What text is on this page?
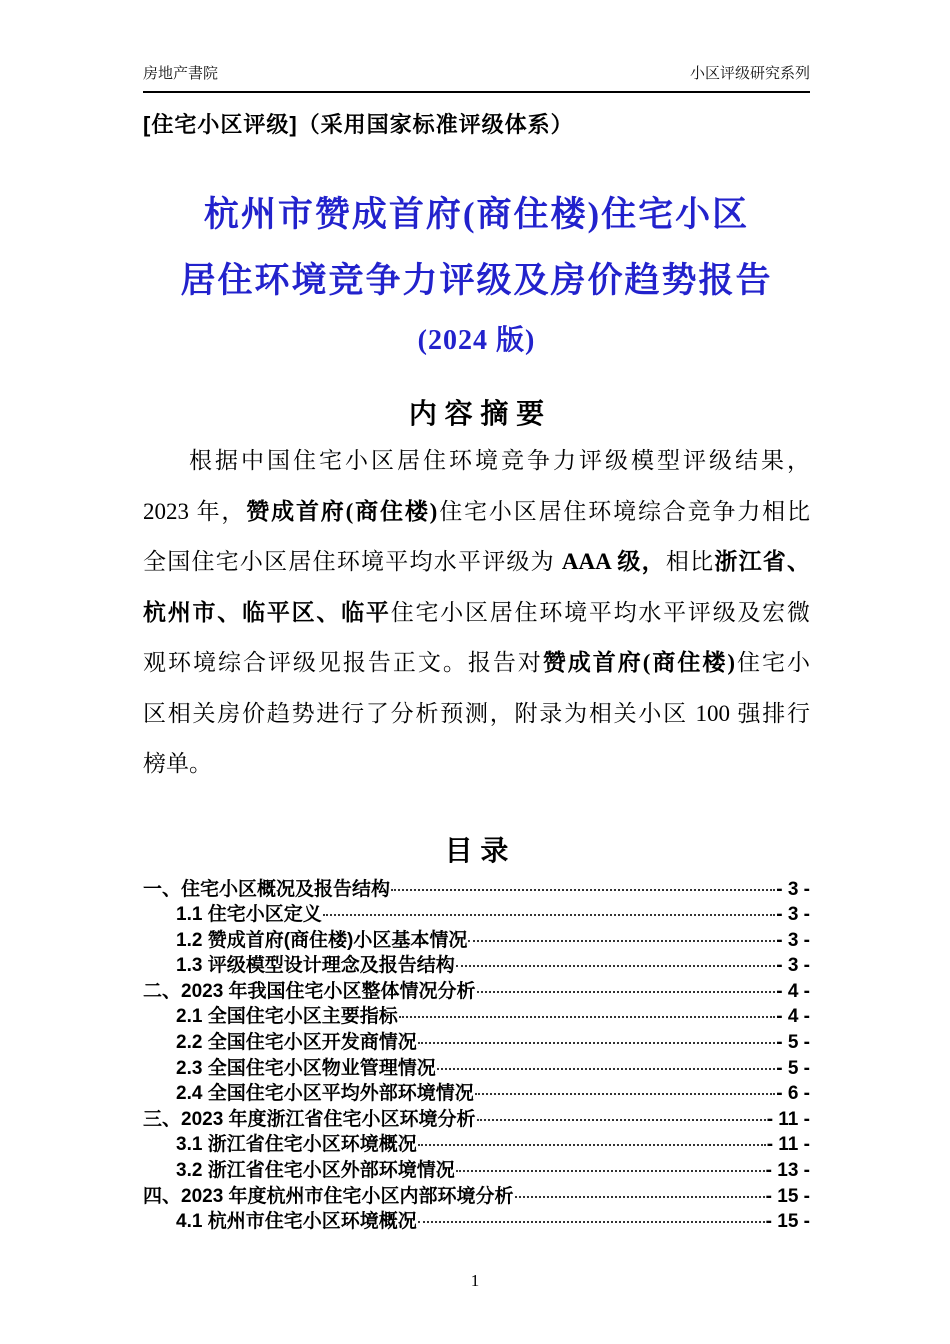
房地产書院	小区评级研究系列
[住宅小区评级]（采用国家标准评级体系）
杭州市赞成首府(商住楼)住宅小区
居住环境竞争力评级及房价趋势报告
(2024 版)
内 容 摘 要
根据中国住宅小区居住环境竞争力评级模型评级结果，
2023 年，赞成首府(商住楼)住宅小区居住环境综合竞争力相比
全国住宅小区居住环境平均水平评级为 AAA 级，相比浙江省、
杭州市、临平区、临平住宅小区居住环境平均水平评级及宏微
观环境综合评级见报告正文。报告对赞成首府(商住楼)住宅小
区相关房价趋势进行了分析预测，附录为相关小区 100 强排行
榜单。
目 录
一、住宅小区概况及报告结构	- 3 -
1.1 住宅小区定义	- 3 -
1.2 赞成首府(商住楼)小区基本情况	- 3 -
1.3 评级模型设计理念及报告结构	- 3 -
二、2023 年我国住宅小区整体情况分析	- 4 -
2.1 全国住宅小区主要指标	- 4 -
2.2 全国住宅小区开发商情况	- 5 -
2.3 全国住宅小区物业管理情况	- 5 -
2.4 全国住宅小区平均外部环境情况	- 6 -
三、2023 年度浙江省住宅小区环境分析	- 11 -
3.1 浙江省住宅小区环境概况	- 11 -
3.2 浙江省住宅小区外部环境情况	- 13 -
四、2023 年度杭州市住宅小区内部环境分析	- 15 -
4.1 杭州市住宅小区环境概况	- 15 -
1
